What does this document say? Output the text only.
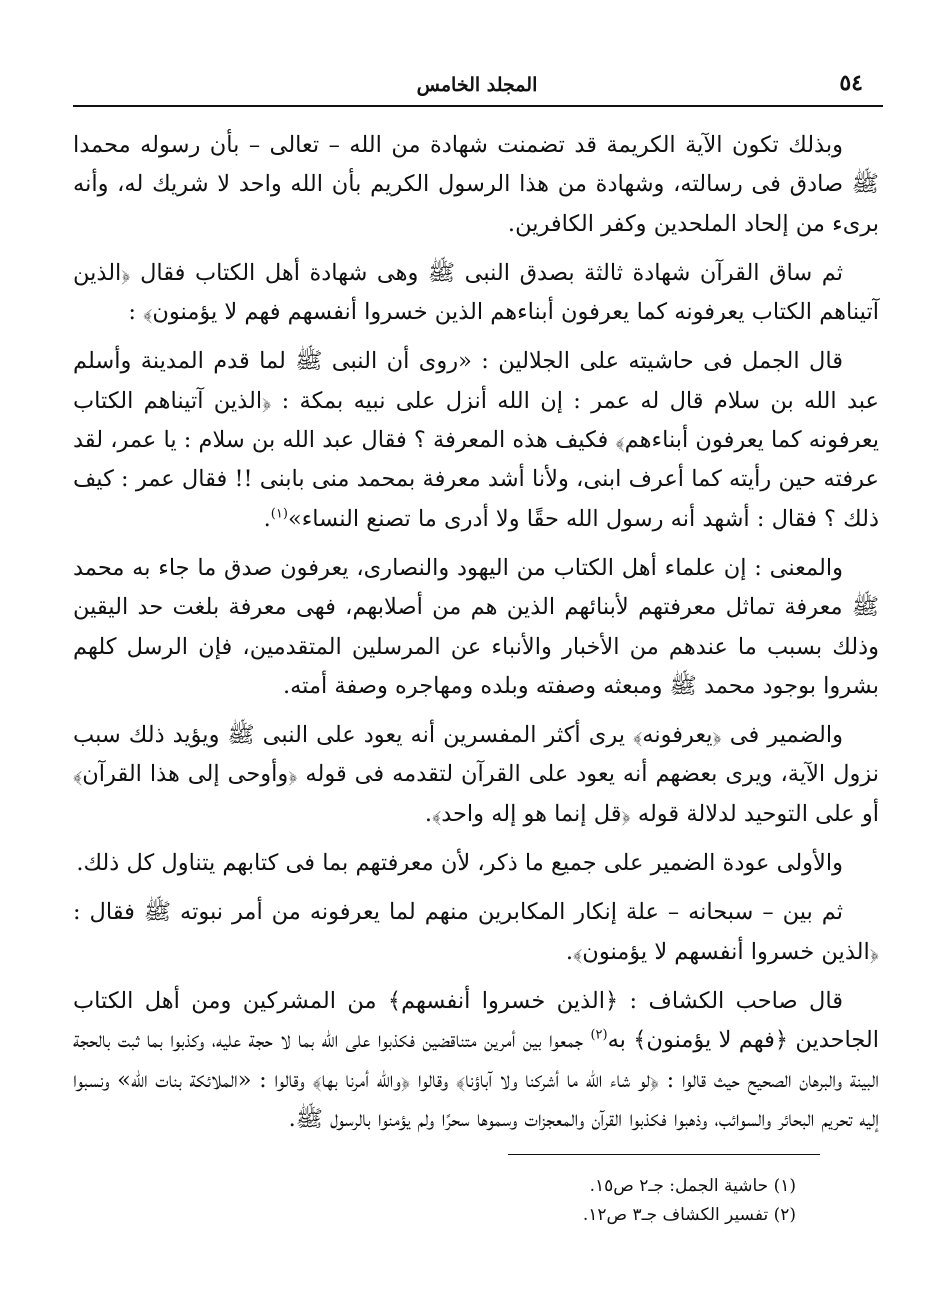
٥٤
المجلد الخامس

وبذلك تكون الآية الكريمة قد تضمنت شهادة من الله – تعالى – بأن رسوله محمدا ﷺ صادق فى رسالته، وشهادة من هذا الرسول الكريم بأن الله واحد لا شريك له، وأنه برىء من إلحاد الملحدين وكفر الكافرين.

ثم ساق القرآن شهادة ثالثة بصدق النبى ﷺ وهى شهادة أهل الكتاب فقال ﴿الذين آتيناهم الكتاب يعرفونه كما يعرفون أبناءهم الذين خسروا أنفسهم فهم لا يؤمنون﴾ :

قال الجمل فى حاشيته على الجلالين : «روى أن النبى ﷺ لما قدم المدينة وأسلم عبد الله بن سلام قال له عمر : إن الله أنزل على نبيه بمكة : ﴿الذين آتيناهم الكتاب يعرفونه كما يعرفون أبناءهم﴾ فكيف هذه المعرفة ؟ فقال عبد الله بن سلام : يا عمر، لقد عرفته حين رأيته كما أعرف ابنى، ولأنا أشد معرفة بمحمد منى بابنى !! فقال عمر : كيف ذلك ؟ فقال : أشهد أنه رسول الله حقًا ولا أدرى ما تصنع النساء»$^{(١)}$.

والمعنى : إن علماء أهل الكتاب من اليهود والنصارى، يعرفون صدق ما جاء به محمد ﷺ معرفة تماثل معرفتهم لأبنائهم الذين هم من أصلابهم، فهى معرفة بلغت حد اليقين وذلك بسبب ما عندهم من الأخبار والأنباء عن المرسلين المتقدمين، فإن الرسل كلهم بشروا بوجود محمد ﷺ ومبعثه وصفته وبلده ومهاجره وصفة أمته.

والضمير فى ﴿يعرفونه﴾ يرى أكثر المفسرين أنه يعود على النبى ﷺ ويؤيد ذلك سبب نزول الآية، ويرى بعضهم أنه يعود على القرآن لتقدمه فى قوله ﴿وأوحى إلى هذا القرآن﴾ أو على التوحيد لدلالة قوله ﴿قل إنما هو إله واحد﴾.

والأولى عودة الضمير على جميع ما ذكر، لأن معرفتهم بما فى كتابهم يتناول كل ذلك.

ثم بين – سبحانه – علة إنكار المكابرين منهم لما يعرفونه من أمر نبوته ﷺ فقال : ﴿الذين خسروا أنفسهم لا يؤمنون﴾.

قال صاحب الكشاف : ﴿الذين خسروا أنفسهم﴾ من المشركين ومن أهل الكتاب الجاحدين ﴿فهم لا يؤمنون﴾ به$^{(٢)}$ جمعوا بين أمرين متناقضين فكذبوا على الله بما لا حجة عليه، وكذبوا بما ثبت بالحجة البينة والبرهان الصحيح حيث قالوا : ﴿لو شاء الله ما أشركنا ولا آباؤنا﴾ وقالوا ﴿والله أمرنا بها﴾ وقالوا : «الملائكة بنات الله» ونسبوا إليه تحريم البحائر والسوائب، وذهبوا فكذبوا القرآن والمعجزات وسموها سحرًا ولم يؤمنوا بالرسول ﷺ.

(١) حاشية الجمل: جـ٢ ص١٥.

(٢) تفسير الكشاف جـ٣ ص١٢.
